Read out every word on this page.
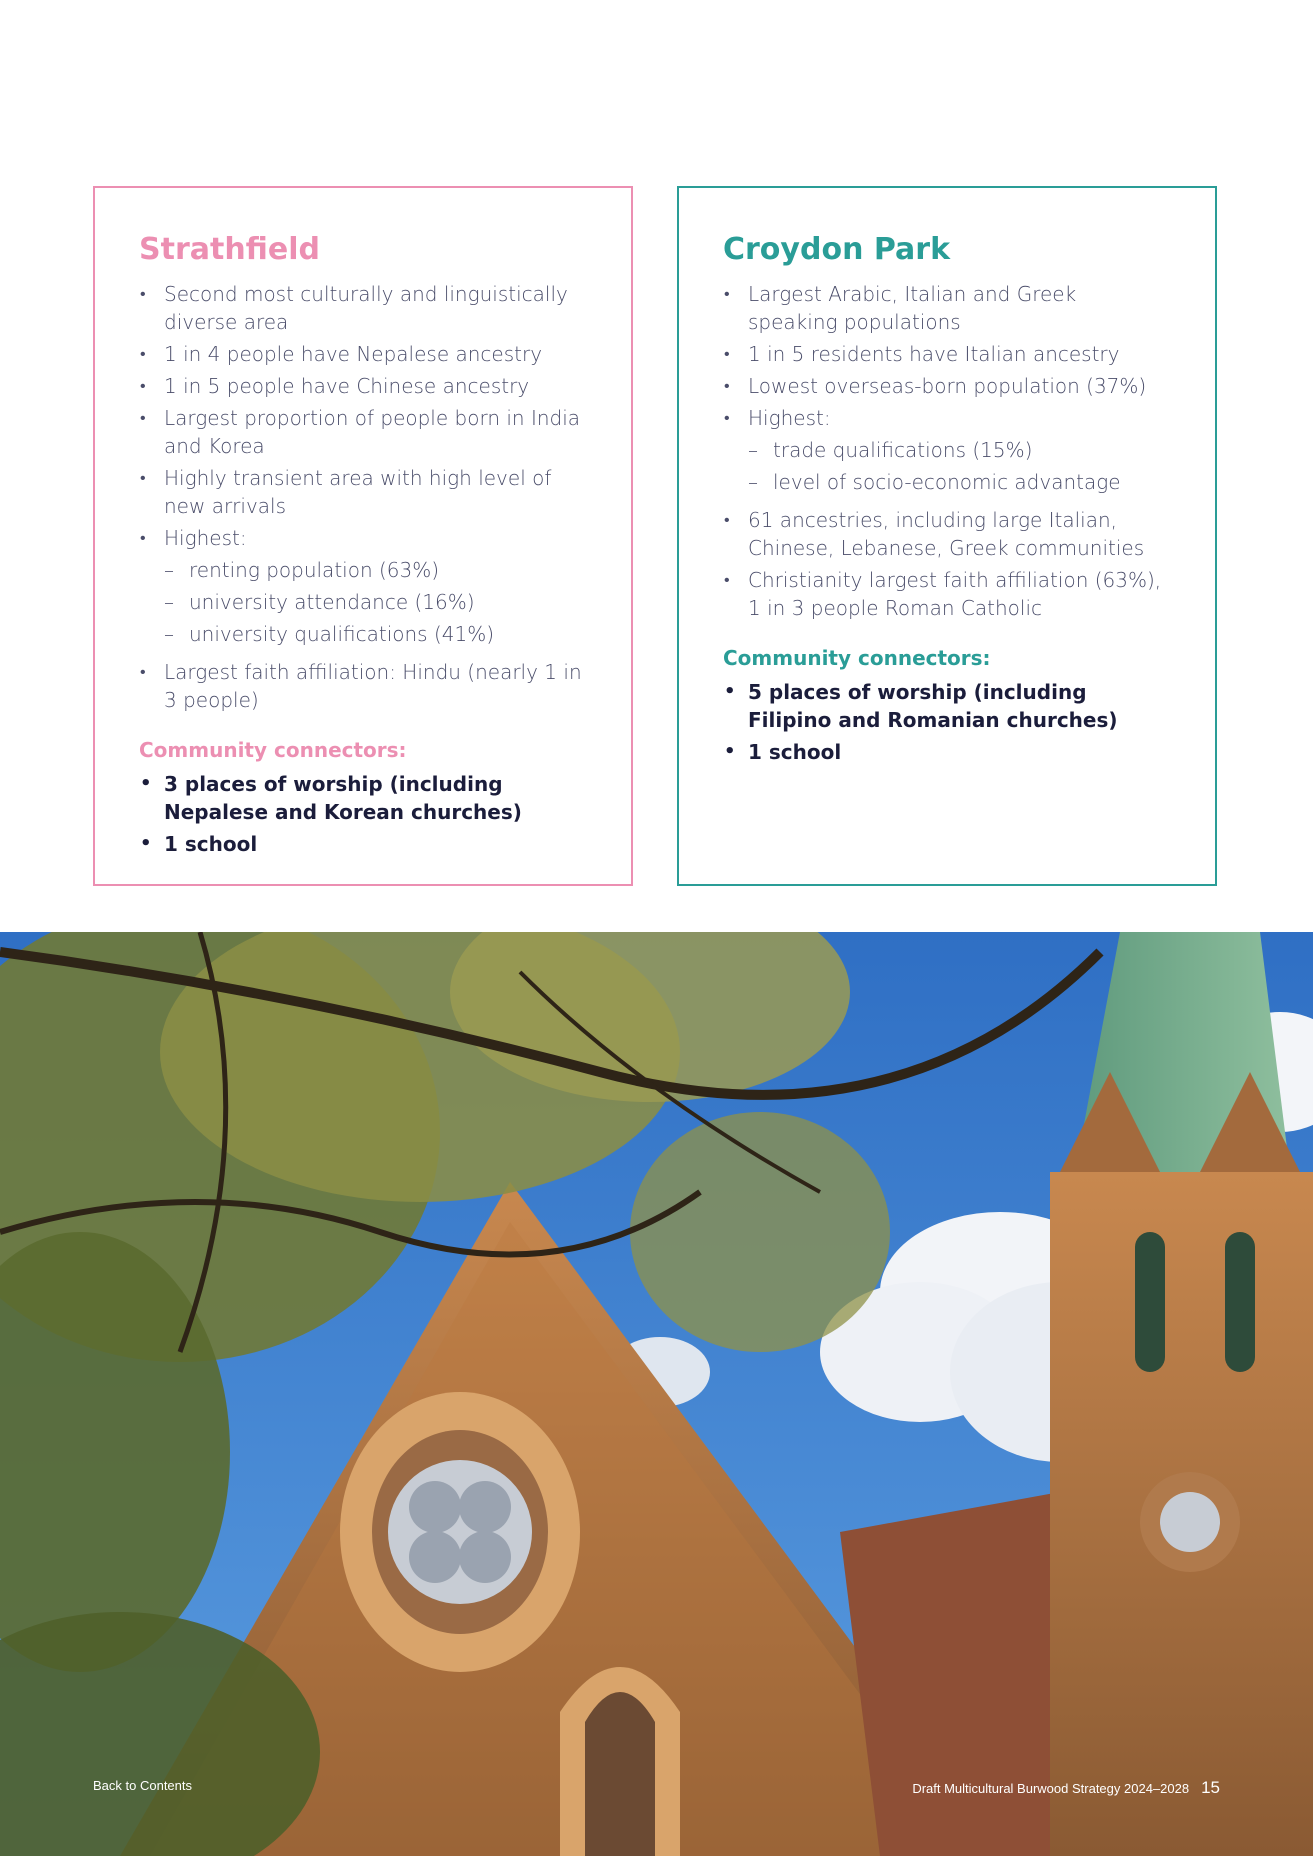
Strathfield
• Second most culturally and linguistically diverse area
• 1 in 4 people have Nepalese ancestry
• 1 in 5 people have Chinese ancestry
• Largest proportion of people born in India and Korea
• Highly transient area with high level of new arrivals
• Highest:
– renting population (63%)
– university attendance (16%)
– university qualifications (41%)
• Largest faith affiliation: Hindu (nearly 1 in 3 people)
Community connectors:
• 3 places of worship (including Nepalese and Korean churches)
• 1 school
Croydon Park
• Largest Arabic, Italian and Greek speaking populations
• 1 in 5 residents have Italian ancestry
• Lowest overseas-born population (37%)
• Highest:
– trade qualifications (15%)
– level of socio-economic advantage
• 61 ancestries, including large Italian, Chinese, Lebanese, Greek communities
• Christianity largest faith affiliation (63%), 1 in 3 people Roman Catholic
Community connectors:
• 5 places of worship (including Filipino and Romanian churches)
• 1 school
Back to Contents	Draft Multicultural Burwood Strategy 2024–2028 15
